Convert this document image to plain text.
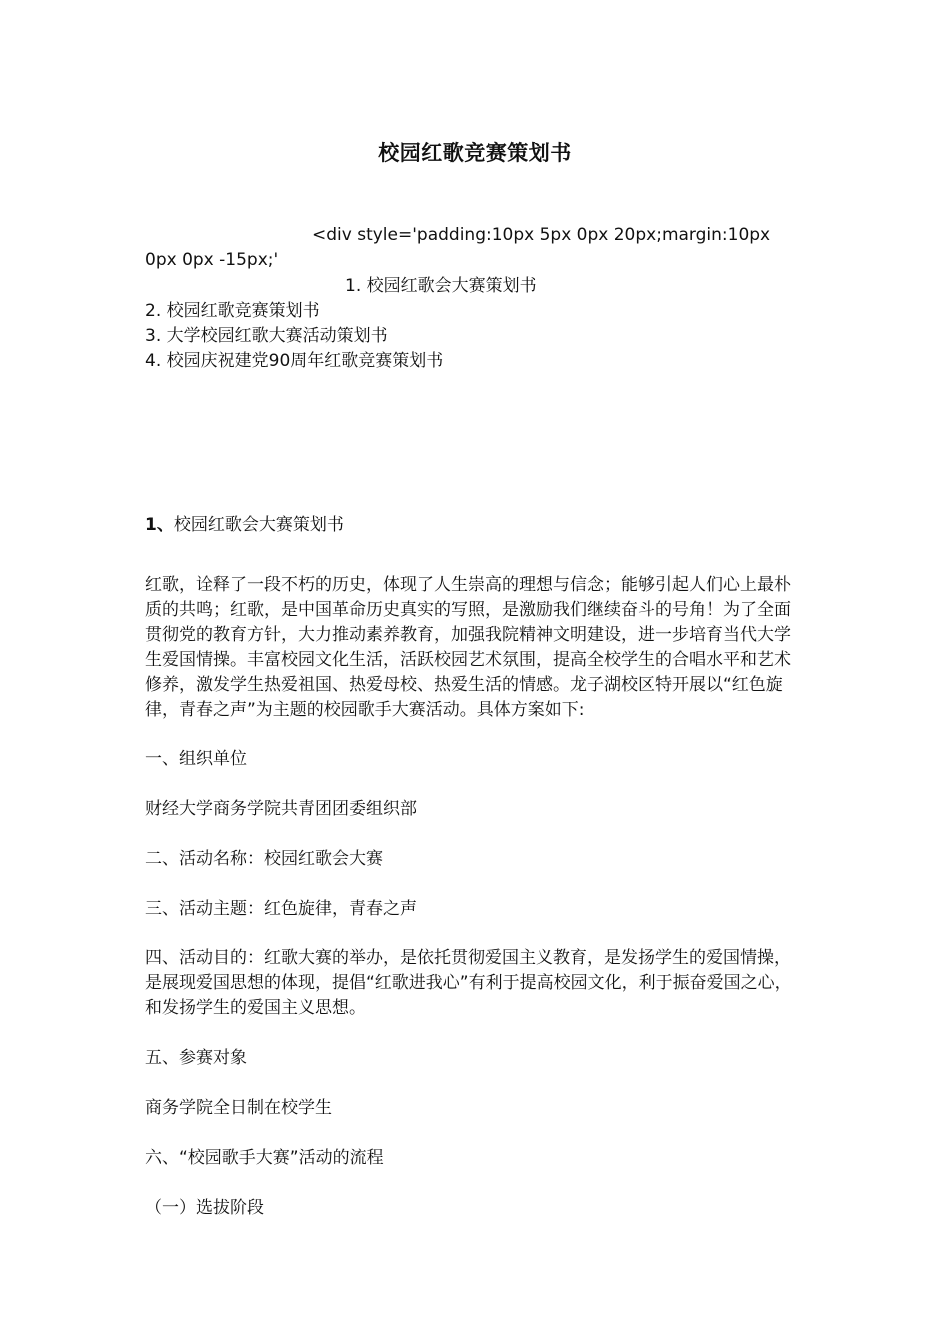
校园红歌竞赛策划书
<div style='padding:10px 5px 0px 20px;margin:10px
0px 0px -15px;'
1. 校园红歌会大赛策划书
2. 校园红歌竞赛策划书
3. 大学校园红歌大赛活动策划书
4. 校园庆祝建党90周年红歌竞赛策划书
1、校园红歌会大赛策划书
红歌，诠释了一段不朽的历史，体现了人生崇高的理想与信念；能够引起人们心上最朴质的共鸣；红歌，是中国革命历史真实的写照，是激励我们继续奋斗的号角！为了全面贯彻党的教育方针，大力推动素养教育，加强我院精神文明建设，进一步培育当代大学生爱国情操。丰富校园文化生活，活跃校园艺术氛围，提高全校学生的合唱水平和艺术修养，激发学生热爱祖国、热爱母校、热爱生活的情感。龙子湖校区特开展以“红色旋律，青春之声”为主题的校园歌手大赛活动。具体方案如下:
一、组织单位
财经大学商务学院共青团团委组织部
二、活动名称：校园红歌会大赛
三、活动主题：红色旋律，青春之声
四、活动目的：红歌大赛的举办，是依托贯彻爱国主义教育，是发扬学生的爱国情操，是展现爱国思想的体现，提倡“红歌进我心”有利于提高校园文化，利于振奋爱国之心，和发扬学生的爱国主义思想。
五、参赛对象
商务学院全日制在校学生
六、“校园歌手大赛”活动的流程
（一）选拔阶段
